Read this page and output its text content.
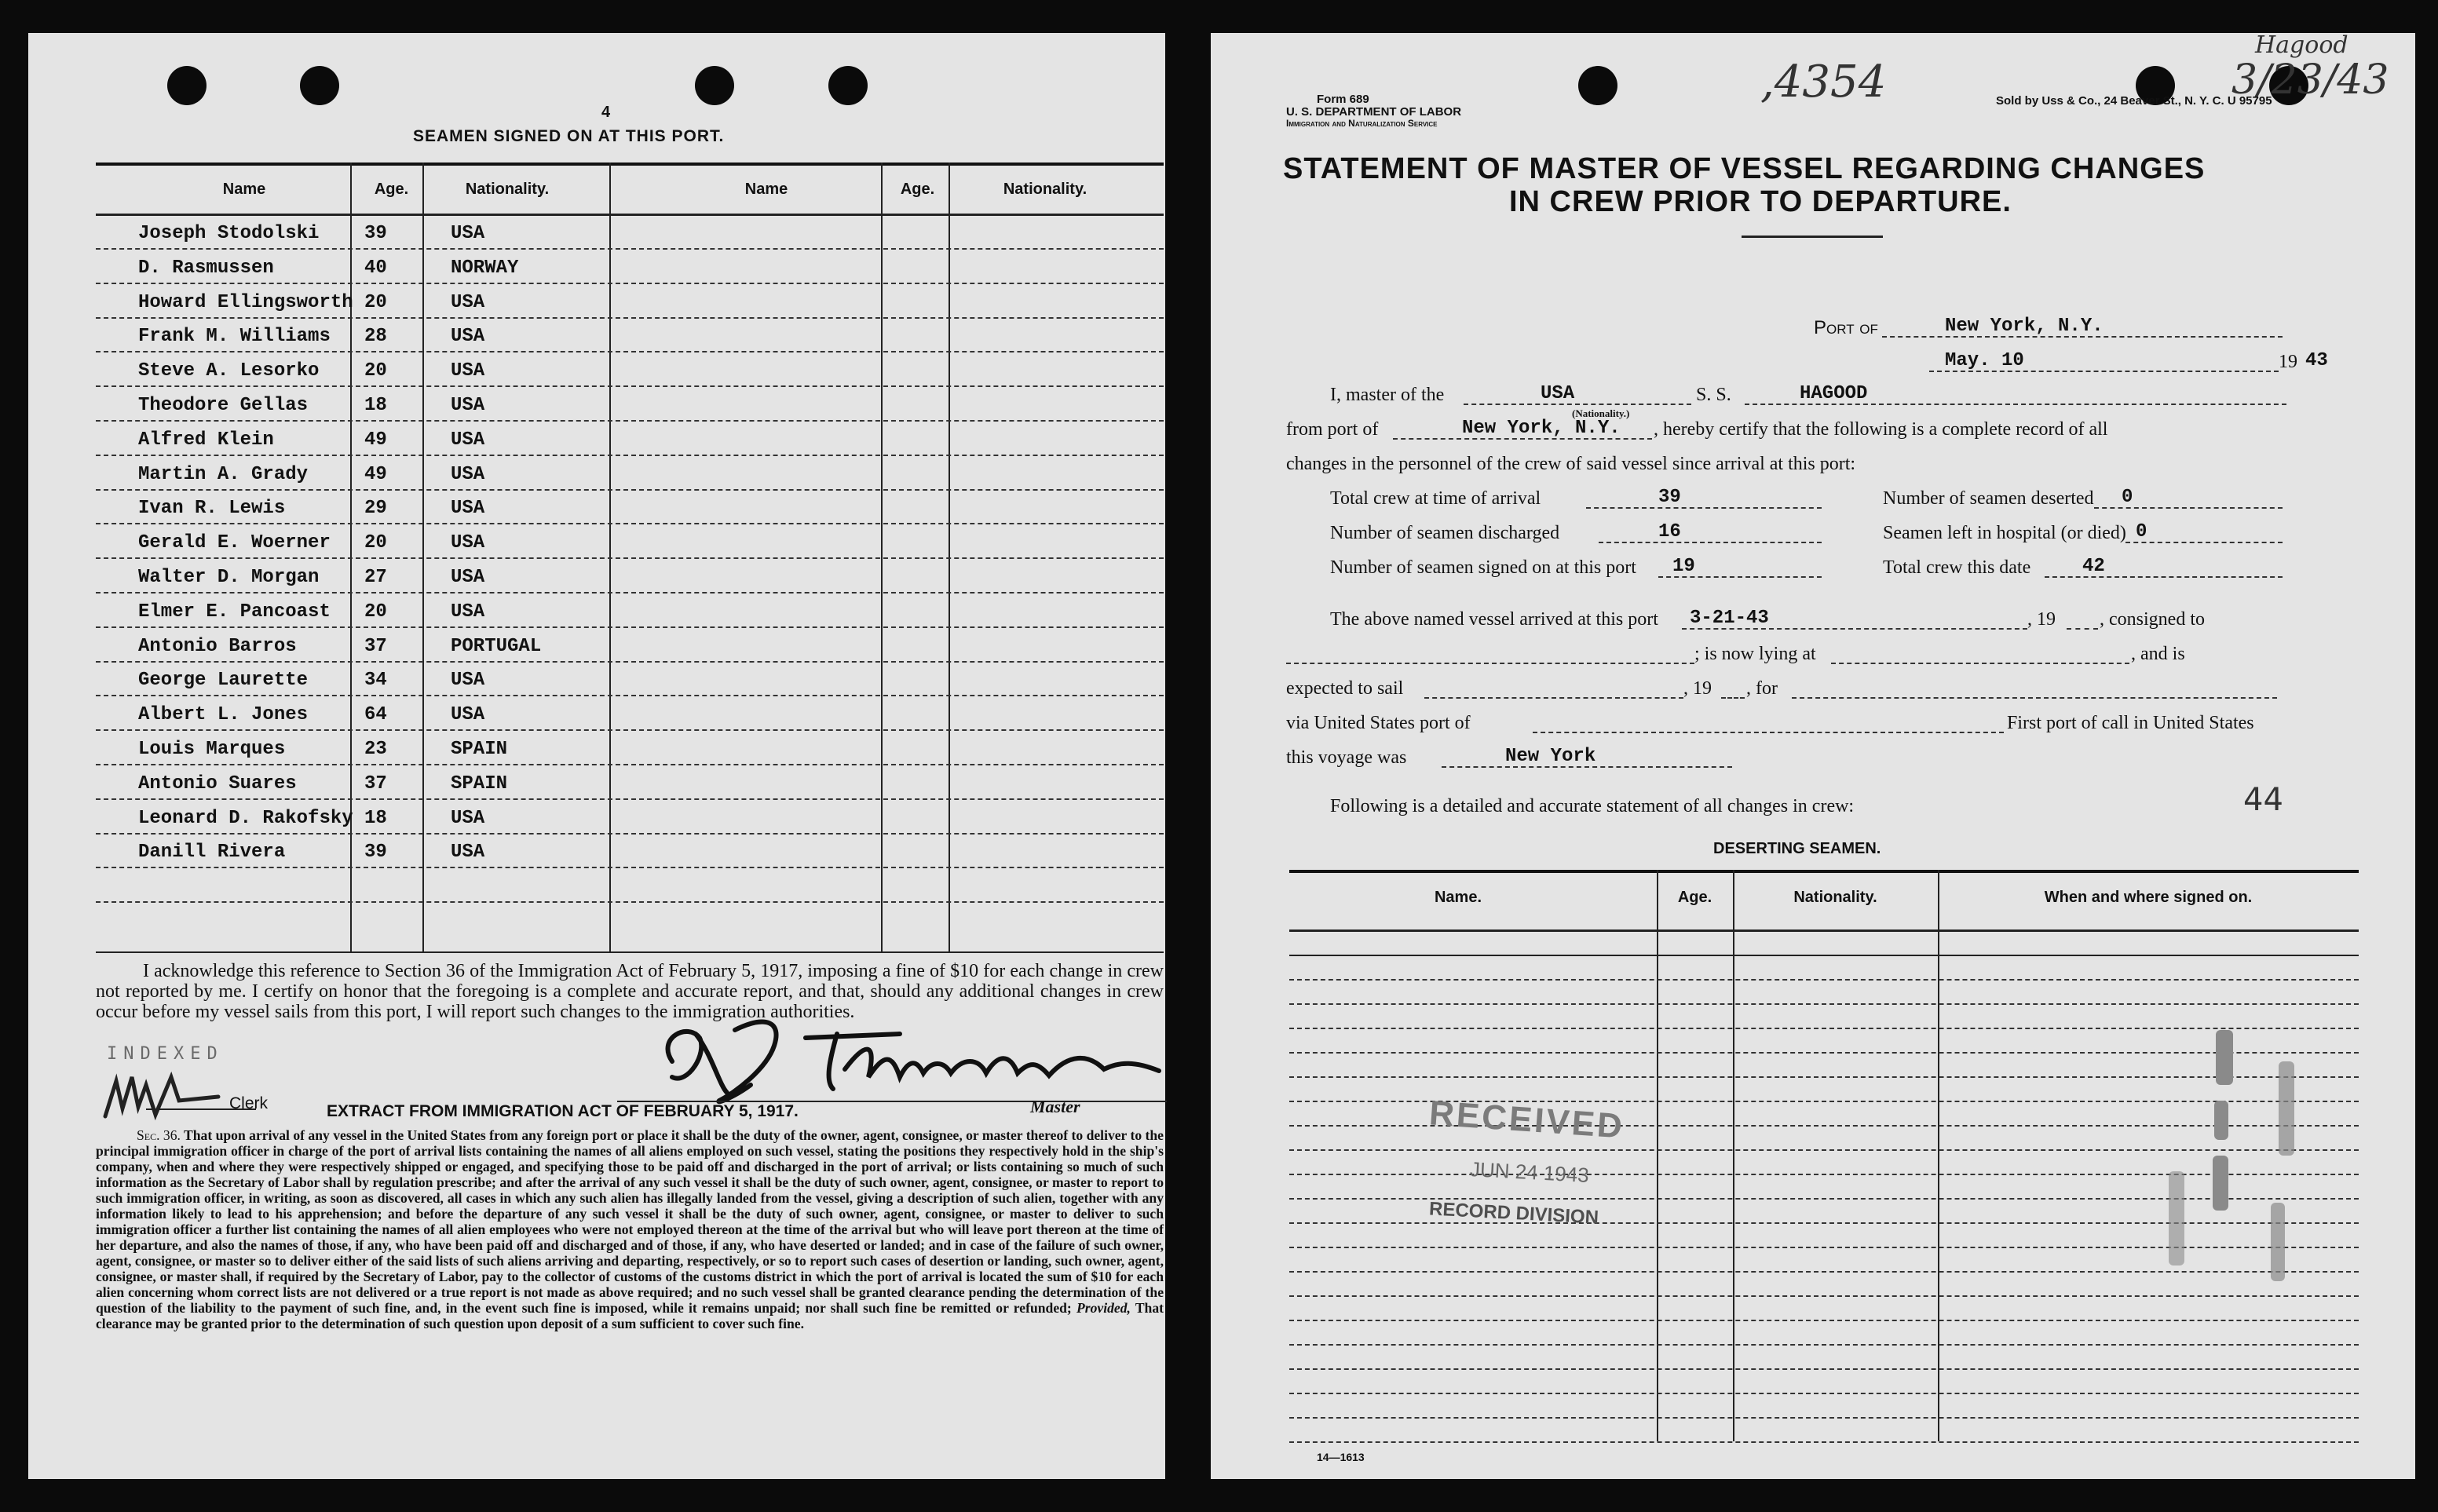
4
SEAMEN SIGNED ON AT THIS PORT.
Name	Age.	Nationality.	Name	Age.	Nationality.
Joseph Stodolski 39	USA
D. Rasmussen	40	NORWAY
Howard Ellingsworth 20	USA
Frank M. Williams 28	USA
Steve A. Lesorko 20	USA
Theodore Gellas	18	USA
Alfred Klein	49	USA
Martin A. Grady	49	USA
Ivan R. Lewis	29	USA
Gerald E. Woerner 20	USA
Walter D. Morgan 27	USA
Elmer E. Pancoast 20	USA
Antonio Barros	37	PORTUGAL
George Laurette	34	USA
Albert L. Jones	64	USA
Louis Marques	23	SPAIN
Antonio Suares	37	SPAIN
Leonard D. Rakofsky 18	USA
Danill Rivera	39	USA
I acknowledge this reference to Section 36 of the Immigration Act of February 5, 1917, imposing a fine of $10 for each change in crew not reported by me. I certify on honor that the foregoing is a complete and accurate report, and that, should any additional changes in crew occur before my vessel sails from this port, I will report such changes to the immigration authorities.
INDEXED
Clerk	Master
EXTRACT FROM IMMIGRATION ACT OF FEBRUARY 5, 1917.
Sec. 36. That upon arrival of any vessel in the United States from any foreign port or place it shall be the duty of the owner, agent, consignee, or master thereof to deliver to the principal immigration officer in charge of the port of arrival lists containing the names of all aliens employed on such vessel, stating the positions they respectively hold in the ship's company, when and where they were respectively shipped or engaged, and specifying those to be paid off and discharged in the port of arrival; or lists containing so much of such information as the Secretary of Labor shall by regulation prescribe; and after the arrival of any such vessel it shall be the duty of such owner, agent, consignee, or master to report to such immigration officer, in writing, as soon as discovered, all cases in which any such alien has illegally landed from the vessel, giving a description of such alien, together with any information likely to lead to his apprehension; and before the departure of any such vessel it shall be the duty of such owner, agent, consignee, or master to deliver to such immigration officer a further list containing the names of all alien employees who were not employed thereon at the time of the arrival but who will leave port thereon at the time of her departure, and also the names of those, if any, who have been paid off and discharged and of those, if any, who have deserted or landed; and in case of the failure of such owner, agent, consignee, or master so to deliver either of the said lists of such aliens arriving and departing, respectively, or so to report such cases of desertion or landing, such owner, agent, consignee, or master shall, if required by the Secretary of Labor, pay to the collector of customs of the customs district in which the port of arrival is located the sum of $10 for each alien concerning whom correct lists are not delivered or a true report is not made as above required; and no such vessel shall be granted clearance pending the determination of the question of the liability to the payment of such fine, and, in the event such fine is imposed, while it remains unpaid; nor shall such fine be remitted or refunded; Provided, That clearance may be granted prior to the determination of such question upon deposit of a sum sufficient to cover such fine.
,4354
Hagood
3/23/43
Form 689
U. S. DEPARTMENT OF LABOR
Immigration and Naturalization Service
Sold by Uss & Co., 24 Beaver St., N. Y. C. U 95795
STATEMENT OF MASTER OF VESSEL REGARDING CHANGES
IN CREW PRIOR TO DEPARTURE.
Port of	New York, N.Y.
May. 10	19 43
I, master of the	USA
(Nationality.)
S. S.	HAGOOD
from port of	New York, N.Y. , hereby certify that the following is a complete record of all
changes in the personnel of the crew of said vessel since arrival at this port:
Total crew at time of arrival	39	Number of seamen deserted 0
Number of seamen discharged	16	Seamen left in hospital (or died) 0
Number of seamen signed on at this port 19	Total crew this date	42
The above named vessel arrived at this port 3-21-43	, 19 , consigned to
; is now lying at	, and is
expected to sail	, 19 , for
via United States port of	First port of call in United States
this voyage was	New York
Following is a detailed and accurate statement of all changes in crew:	44
DESERTING SEAMEN.
Name.	Age.	Nationality.	When and where signed on.
RECEIVED
JUN 24 1943
RECORD DIVISION
14—1613
